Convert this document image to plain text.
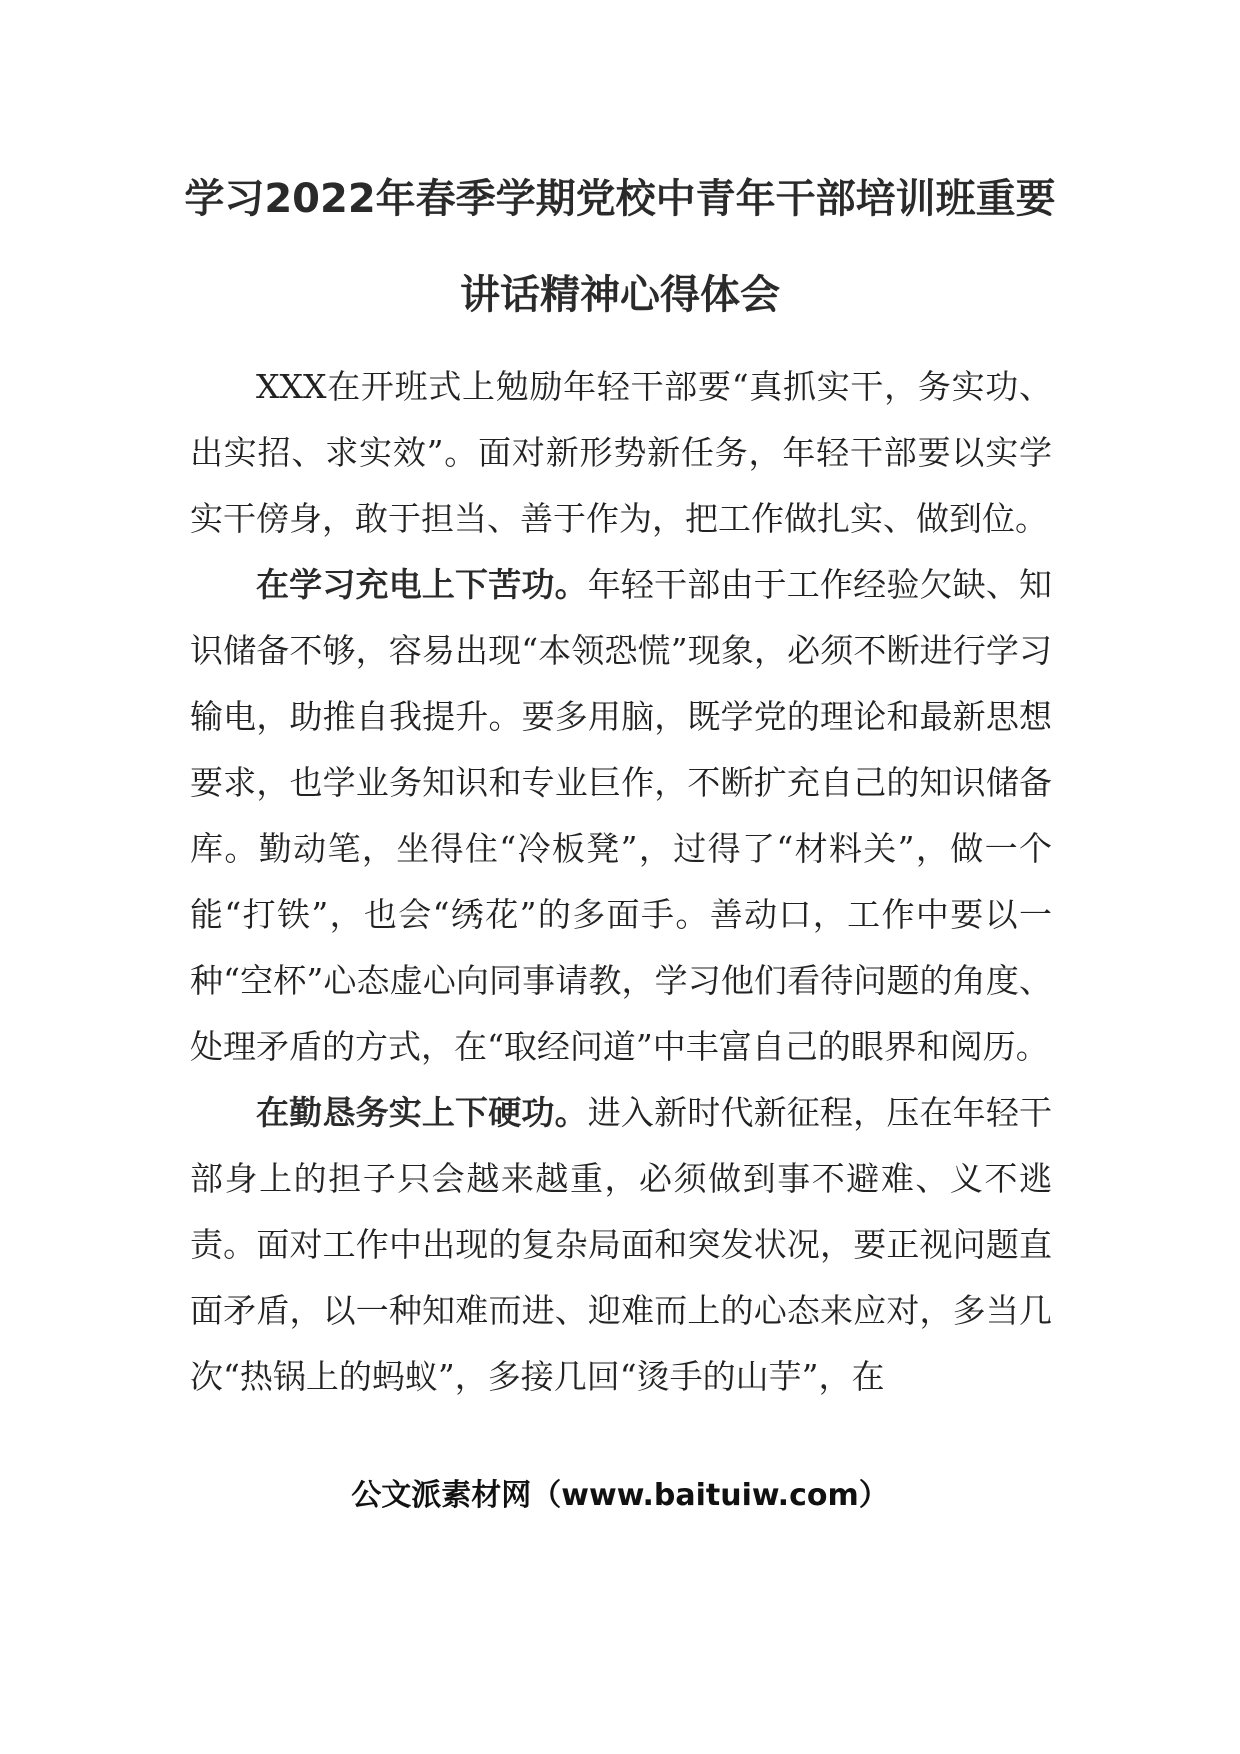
学习2022年春季学期党校中青年干部培训班重要
讲话精神心得体会

XXX在开班式上勉励年轻干部要“真抓实干，务实功、出实招、求实效”。面对新形势新任务，年轻干部要以实学实干傍身，敢于担当、善于作为，把工作做扎实、做到位。

在学习充电上下苦功。年轻干部由于工作经验欠缺、知识储备不够，容易出现“本领恐慌”现象，必须不断进行学习输电，助推自我提升。要多用脑，既学党的理论和最新思想要求，也学业务知识和专业巨作，不断扩充自己的知识储备库。勤动笔，坐得住“冷板凳”，过得了“材料关”，做一个能“打铁”，也会“绣花”的多面手。善动口，工作中要以一种“空杯”心态虚心向同事请教，学习他们看待问题的角度、处理矛盾的方式，在“取经问道”中丰富自己的眼界和阅历。

在勤恳务实上下硬功。进入新时代新征程，压在年轻干部身上的担子只会越来越重，必须做到事不避难、义不逃责。面对工作中出现的复杂局面和突发状况，要正视问题直面矛盾，以一种知难而进、迎难而上的心态来应对，多当几次“热锅上的蚂蚁”，多接几回“烫手的山芋”，在

公文派素材网（www.baituiw.com）
